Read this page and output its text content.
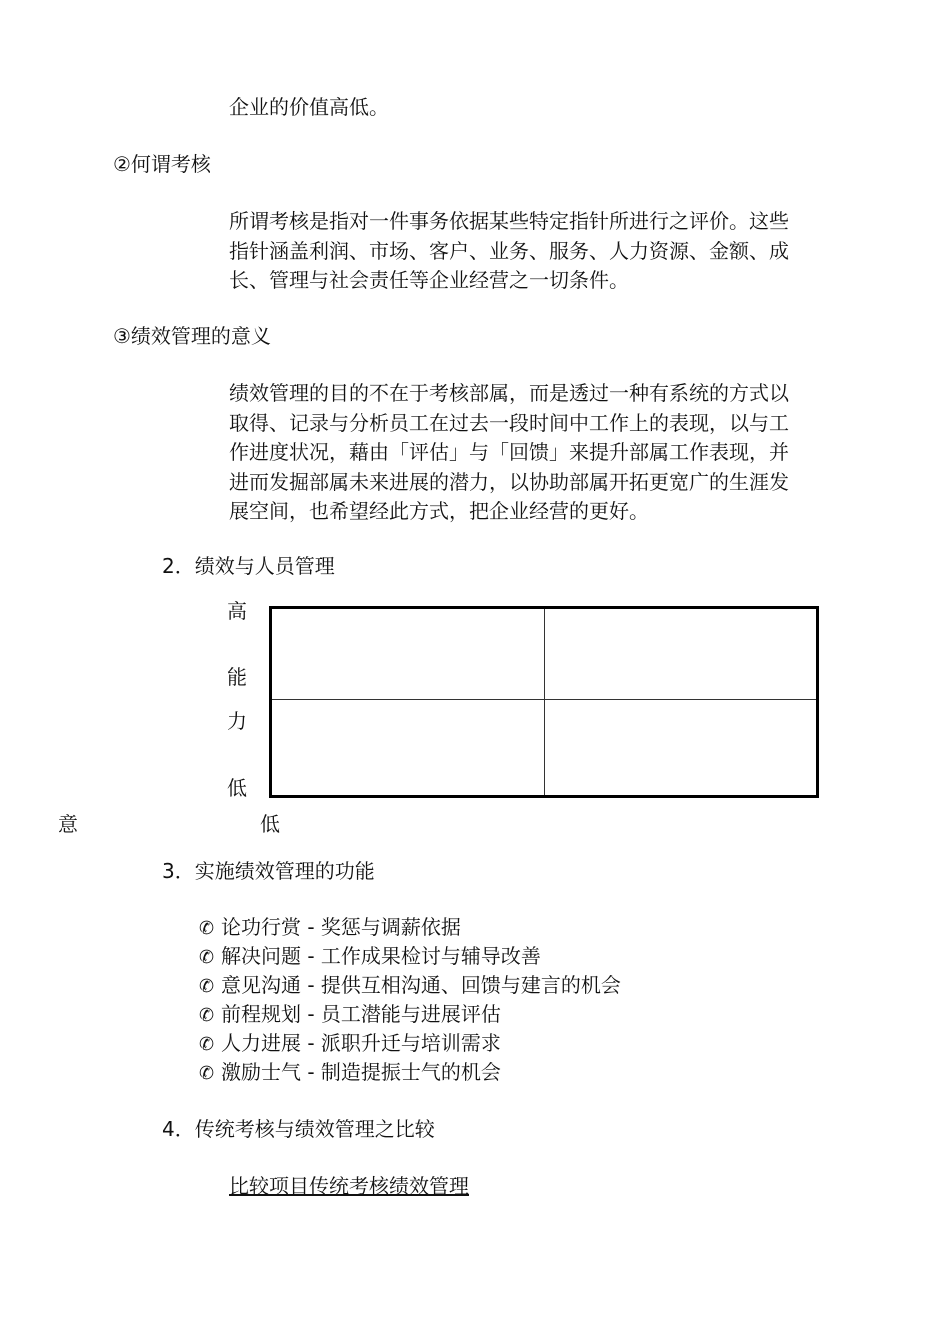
企业的价值高低。
②何谓考核
所谓考核是指对一件事务依据某些特定指针所进行之评价。这些
指针涵盖利润、市场、客户、业务、服务、人力资源、金额、成
长、管理与社会责任等企业经营之一切条件。
③绩效管理的意义
绩效管理的目的不在于考核部属，而是透过一种有系统的方式以
取得、记录与分析员工在过去一段时间中工作上的表现，以与工
作进度状况，藉由「评估」与「回馈」来提升部属工作表现，并
进而发掘部属未来进展的潜力，以协助部属开拓更宽广的生涯发
展空间，也希望经此方式，把企业经营的更好。
2．绩效与人员管理
高
能
力
低
意	低
3．实施绩效管理的功能
✆ 论功行赏 - 奖惩与调薪依据
✆ 解决问题 - 工作成果检讨与辅导改善
✆ 意见沟通 - 提供互相沟通、回馈与建言的机会
✆ 前程规划 - 员工潜能与进展评估
✆ 人力进展 - 派职升迁与培训需求
✆ 激励士气 - 制造提振士气的机会
4．传统考核与绩效管理之比较
比较项目传统考核绩效管理
